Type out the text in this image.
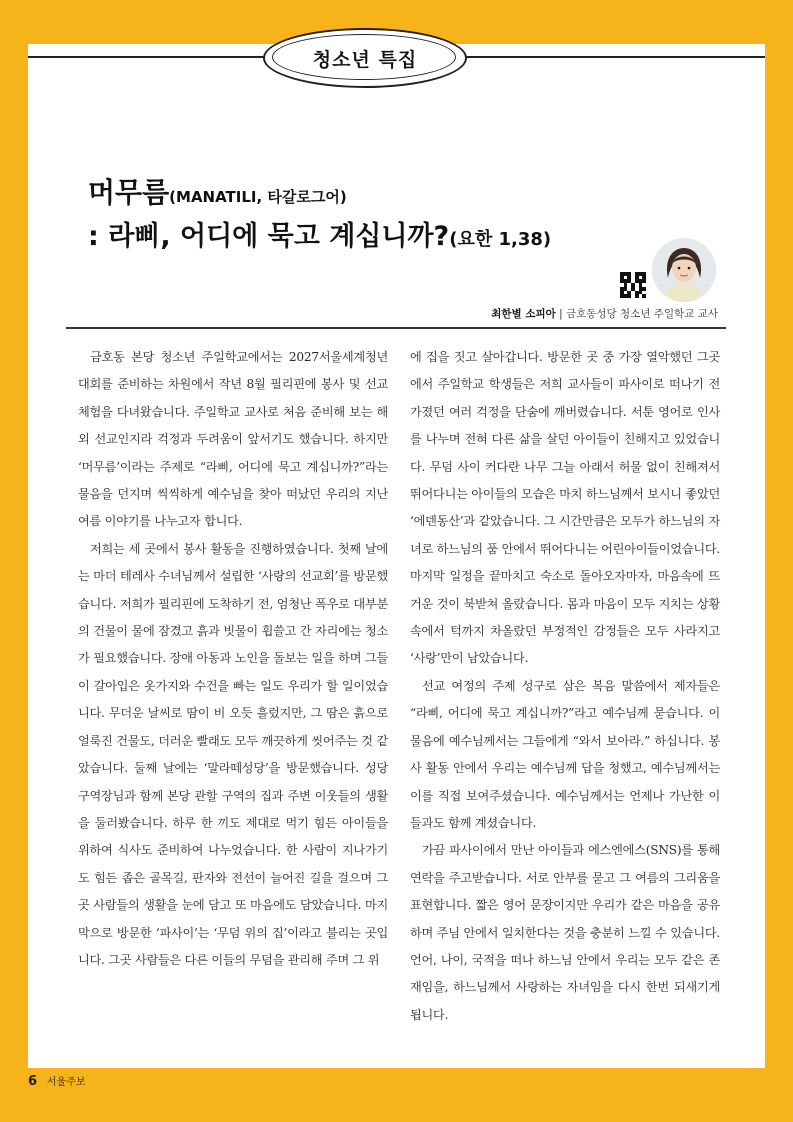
청소년 특집
머무름(MANATILI, 타갈로그어)
: 라삐, 어디에 묵고 계십니까?(요한 1,38)
최한별 소피아 | 금호동성당 청소년 주일학교 교사

금호동 본당 청소년 주일학교에서는 2027서울세계청년대회를 준비하는 차원에서 작년 8월 필리핀에 봉사 및 선교 체험을 다녀왔습니다. 주일학교 교사로 처음 준비해 보는 해외 선교인지라 걱정과 두려움이 앞서기도 했습니다. 하지만 ‘머무름’이라는 주제로 “라삐, 어디에 묵고 계십니까?”라는 물음을 던지며 씩씩하게 예수님을 찾아 떠났던 우리의 지난여름 이야기를 나누고자 합니다.

저희는 세 곳에서 봉사 활동을 진행하였습니다. 첫째 날에는 마더 테레사 수녀님께서 설립한 ‘사랑의 선교회’를 방문했습니다. 저희가 필리핀에 도착하기 전, 엄청난 폭우로 대부분의 건물이 물에 잠겼고 흙과 빗물이 휩쓸고 간 자리에는 청소가 필요했습니다. 장애 아동과 노인을 돌보는 일을 하며 그들이 갈아입은 옷가지와 수건을 빠는 일도 우리가 할 일이었습니다. 무더운 날씨로 땀이 비 오듯 흘렀지만, 그 땀은 흙으로 얼룩진 건물도, 더러운 빨래도 모두 깨끗하게 씻어주는 것 같았습니다. 둘째 날에는 ‘말라떼성당’을 방문했습니다. 성당 구역장님과 함께 본당 관할 구역의 집과 주변 이웃들의 생활을 둘러봤습니다. 하루 한 끼도 제대로 먹기 힘든 아이들을 위하여 식사도 준비하여 나누었습니다. 한 사람이 지나가기도 힘든 좁은 골목길, 판자와 전선이 늘어진 길을 걸으며 그곳 사람들의 생활을 눈에 담고 또 마음에도 담았습니다. 마지막으로 방문한 ‘파사이’는 ‘무덤 위의 집’이라고 불리는 곳입니다. 그곳 사람들은 다른 이들의 무덤을 관리해 주며 그 위

에 집을 짓고 살아갑니다. 방문한 곳 중 가장 열악했던 그곳에서 주일학교 학생들은 저희 교사들이 파사이로 떠나기 전 가졌던 여러 걱정을 단숨에 깨버렸습니다. 서툰 영어로 인사를 나누며 전혀 다른 삶을 살던 아이들이 친해지고 있었습니다. 무덤 사이 커다란 나무 그늘 아래서 허물 없이 친해져서 뛰어다니는 아이들의 모습은 마치 하느님께서 보시니 좋았던 ‘에덴동산’과 같았습니다. 그 시간만큼은 모두가 하느님의 자녀로 하느님의 품 안에서 뛰어다니는 어린아이들이었습니다. 마지막 일정을 끝마치고 숙소로 돌아오자마자, 마음속에 뜨거운 것이 북받쳐 올랐습니다. 몸과 마음이 모두 지치는 상황 속에서 턱까지 차올랐던 부정적인 감정들은 모두 사라지고 ‘사랑’만이 남았습니다.

선교 여정의 주제 성구로 삼은 복음 말씀에서 제자들은 “라삐, 어디에 묵고 계십니까?”라고 예수님께 묻습니다. 이 물음에 예수님께서는 그들에게 “와서 보아라.” 하십니다. 봉사 활동 안에서 우리는 예수님께 답을 청했고, 예수님께서는 이를 직접 보여주셨습니다. 예수님께서는 언제나 가난한 이들과도 함께 계셨습니다.

가끔 파사이에서 만난 아이들과 에스엔에스(SNS)를 통해 연락을 주고받습니다. 서로 안부를 묻고 그 여름의 그리움을 표현합니다. 짧은 영어 문장이지만 우리가 같은 마음을 공유하며 주님 안에서 일치한다는 것을 충분히 느낄 수 있습니다. 언어, 나이, 국적을 떠나 하느님 안에서 우리는 모두 같은 존재임을, 하느님께서 사랑하는 자녀임을 다시 한번 되새기게 됩니다.

6 서울주보
